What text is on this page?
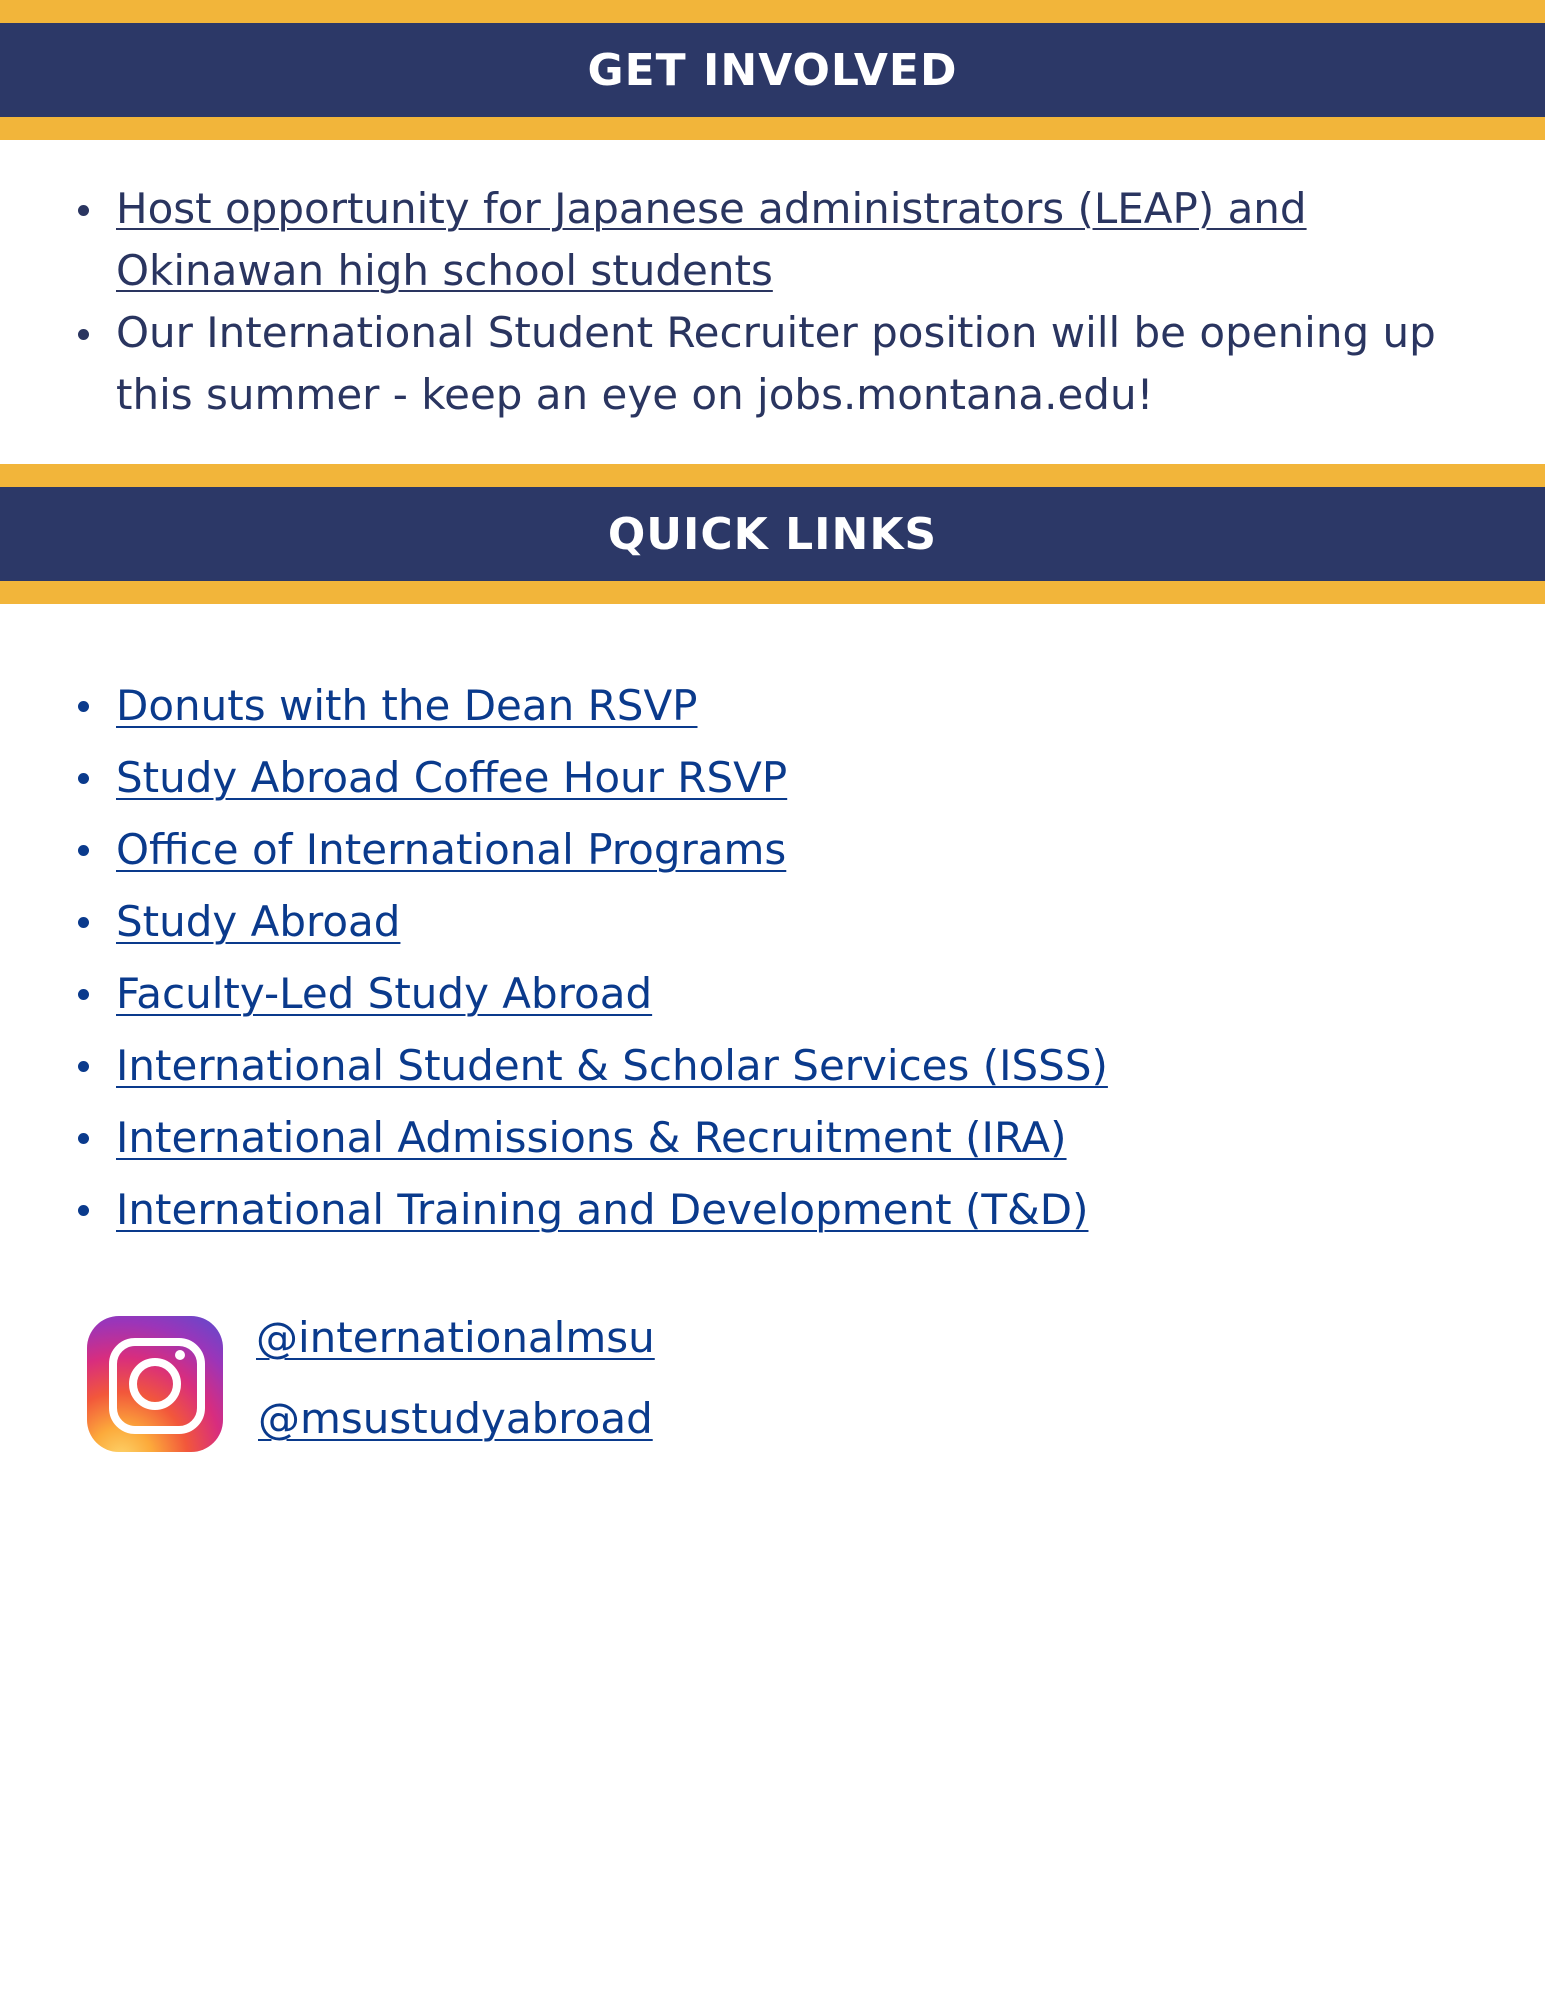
GET INVOLVED
Host opportunity for Japanese administrators (LEAP) and Okinawan high school students
Our International Student Recruiter position will be opening up this summer - keep an eye on jobs.montana.edu!
QUICK LINKS
Donuts with the Dean RSVP
Study Abroad Coffee Hour RSVP
Office of International Programs
Study Abroad
Faculty-Led Study Abroad
International Student & Scholar Services (ISSS)
International Admissions & Recruitment (IRA)
International Training and Development (T&D)
@internationalmsu
@msustudyabroad
